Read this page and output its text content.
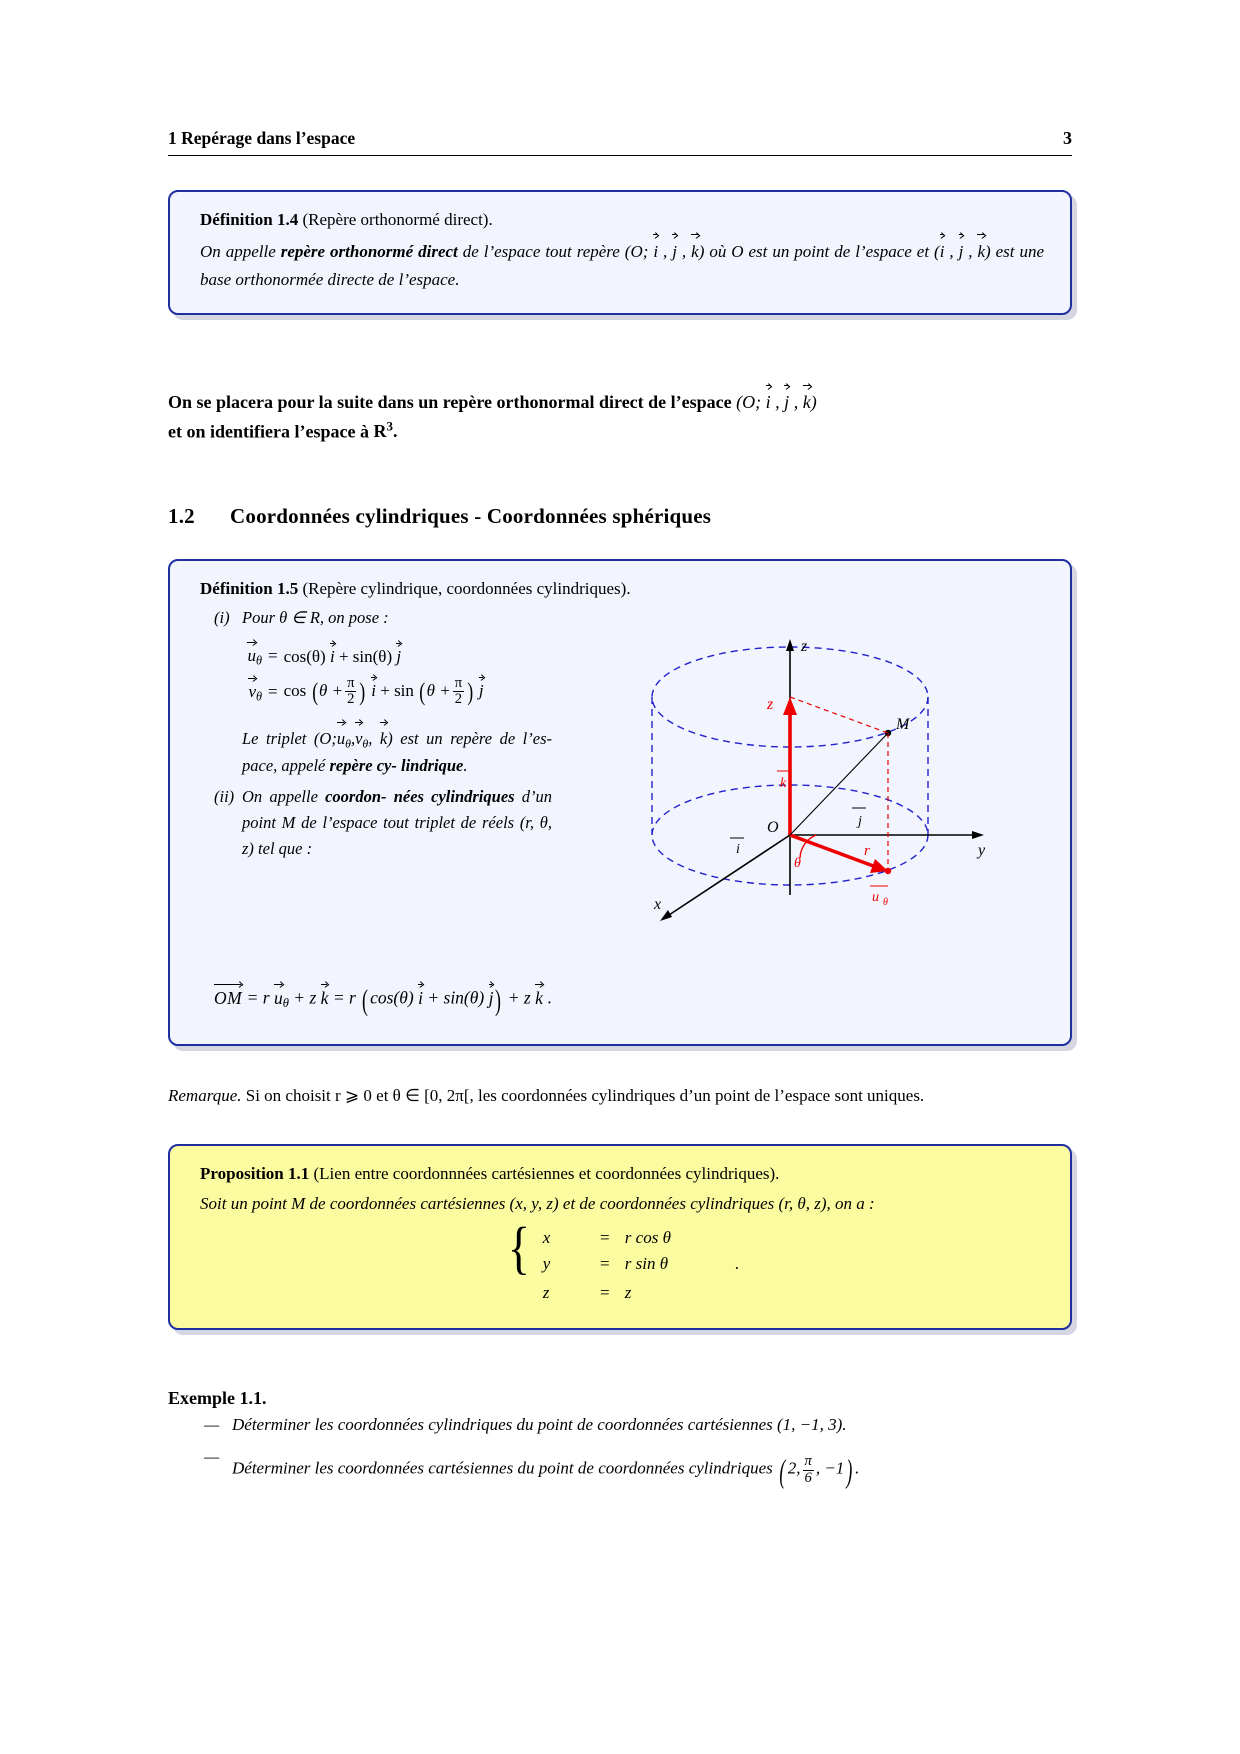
1 Repérage dans l’espace	3
Définition 1.4 (Repère orthonormé direct).
On appelle repère orthonormé direct de l’espace tout repère (O; i , j , k) où O est un point de l’espace et (i , j , k) est une base orthonormée directe de l’espace.
On se placera pour la suite dans un repère orthonormal direct de l’espace (O; i , j , k)
et on identifiera l’espace à $R^3$.
1.2 Coordonnées cylindriques - Coordonnées sphériques
Définition 1.5 (Repère cylindrique, coordonnées cylindriques).
(i) Pour θ ∈ R, on pose :
$u_\theta = \cos(\theta) i + \sin(\theta)$ j
$v_\theta = \cos (\theta + \frac{\pi}{2}$ ) $i + \sin (\theta + \frac{\pi}{2}$ ) j
Le triplet ($O;u_\theta,v_\theta$, k) est un repère de l’es- pace, appelé repère cy- lindrique.
(ii) On appelle coordon- nées cylindriques d’un point M de l’espace tout triplet de réels (r, θ, z) tel que :
z
y
x
O
z
r
u θ
θ
k
i
j
M
OM = r $u_\theta + z$ k = r ( cos(θ) i + sin(θ) j) + z k .
Remarque. Si on choisit r ⩾ 0 et θ ∈ [0, 2π[, les coordonnées cylindriques d’un point de l’espace sont uniques.
Proposition 1.1 (Lien entre coordonnnées cartésiennes et coordonnées cylindriques).
Soit un point M de coordonnées cartésiennes (x, y, z) et de coordonnées cylindriques (r, θ, z), on a :
{ x	= r cos θ
y	= r sin θ	.
z	= z
Exemple 1.1.
— Déterminer les coordonnées cylindriques du point de coordonnées cartésiennes (1, −1, 3).
—
Déterminer les coordonnées cartésiennes du point de coordonnées cylindriques ( 2, $\frac{\pi}{6}$ , −1) .
